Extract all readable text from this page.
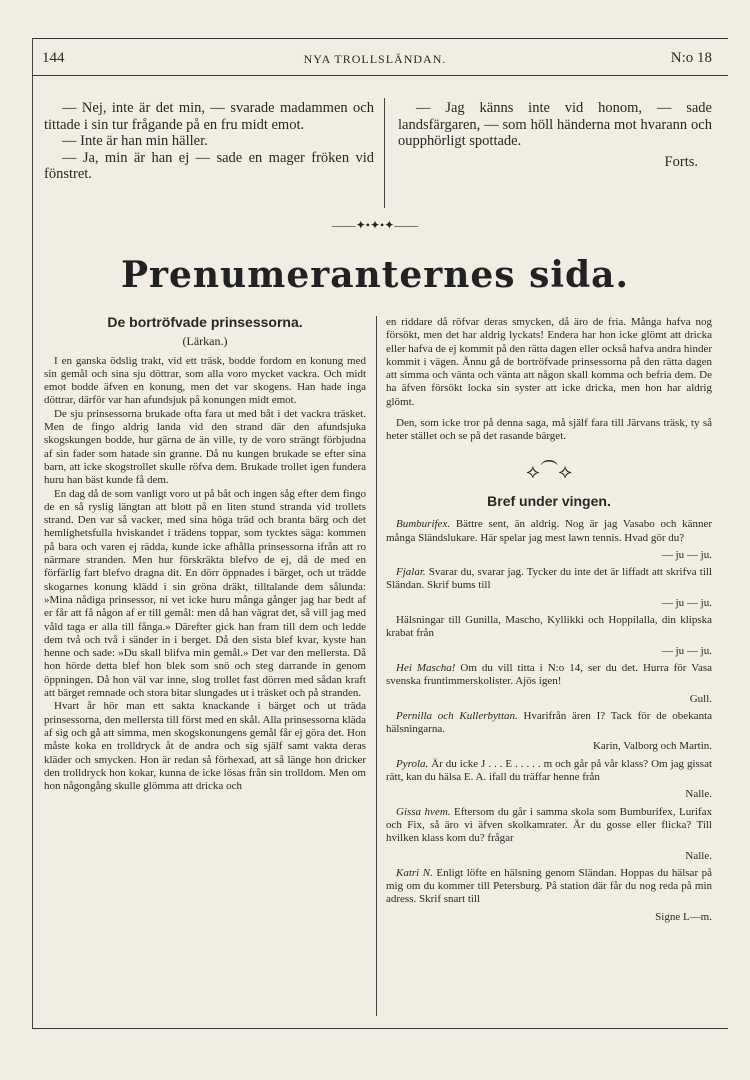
144	NYA TROLLSLÄNDAN.	N:o 18

— Nej, inte är det min, — svarade madammen och tittade i sin tur frågande på en fru midt emot.

— Inte är han min häller.

— Ja, min är han ej — sade en mager fröken vid fönstret.

— Jag känns inte vid honom, — sade landsfärgaren, — som höll händerna mot hvarann och oupphörligt spottade.

Forts.

——✦•✦•✦——
Prenumeranternes sida.
De bortröfvade prinsessorna.
(Lärkan.)

I en ganska ödslig trakt, vid ett träsk, bodde fordom en konung med sin gemål och sina sju döttrar, som alla voro mycket vackra. Och midt emot bodde äfven en konung, men det var skogens. Han hade inga döttrar, därför var han afundsjuk på konungen midt emot.

De sju prinsessorna brukade ofta fara ut med båt i det vackra träsket. Men de fingo aldrig landa vid den strand där den afundsjuka skogskungen bodde, hur gärna de än ville, ty de voro strängt förbjudna af sin fader som hatade sin granne. Då nu kungen brukade se efter sina barn, att icke skogstrollet skulle röfva dem. Brukade trollet igen fundera huru han bäst kunde få dem.

En dag då de som vanligt voro ut på båt och ingen såg efter dem fingo de en så ryslig längtan att blott på en liten stund stranda vid trollets strand. Den var så vacker, med sina höga träd och branta bärg och det hemlighetsfulla hviskandet i trädens toppar, som tycktes säga: kommen på bara och varen ej rädda, kunde icke afhålla prinsessorna ifrån att ro närmare stranden. Men hur förskräkta blefvo de ej, då de med en förfärlig fart blefvo dragna dit. En dörr öppnades i bärget, och ut trädde skogarnes konung klädd i sin gröna dräkt, tilltalande dem sålunda: »Mina nådiga prinsessor, ni vet icke huru många gånger jag har bedt af er får att få någon af er till gemål: men då han vägrat det, så vill jag med våld taga er alla till fånga.» Därefter gick han fram till dem och ledde dem två och två i sänder in i berget. Då den sista blef kvar, kyste han henne och sade: »Du skall blifva min gemål.» Det var den mellersta. Då hon hörde detta blef hon blek som snö och steg darrande in genom öppningen. Då hon väl var inne, slog trollet fast dörren med sådan kraft att bärget remnade och stora bitar slungades ut i träsket och på stranden.

Hvart år hör man ett sakta knackande i bärget och ut träda prinsessorna, den mellersta till först med en skål. Alla prinsessorna kläda af sig och gå att simma, men skogskonungens gemål får ej göra det. Hon måste koka en trolldryck åt de andra och sig själf samt vakta deras kläder och smycken. Hon är redan så förhexad, att så länge hon dricker den trolldryck hon kokar, kunna de icke lösas från sin trolldom. Men om hon någongång skulle glömma att dricka och

en riddare då röfvar deras smycken, då äro de fria. Många hafva nog försökt, men det har aldrig lyckats! Endera har hon icke glömt att dricka eller hafva de ej kommit på den rätta dagen eller också hafva andra hinder kommit i vägen. Ännu gå de bortröfvade prinsessorna på den rätta dagen att simma och vänta och vänta att någon skall komma och befria dem. De ha äfven försökt locka sin syster att icke dricka, men hon har aldrig glömt.

Den, som icke tror på denna saga, må själf fara till Järvans träsk, ty så heter stället och se på det rasande bärget.

⟡⁀⟡
Bref under vingen.

Bumburifex. Bättre sent, än aldrig. Nog är jag Vasabo och känner många Sländslukare. Här spelar jag mest lawn tennis. Hvad gör du?

— ju — ju.

Fjalar. Svarar du, svarar jag. Tycker du inte det är liffadt att skrifva till Sländan. Skrif bums till

— ju — ju.

Hälsningar till Gunilla, Mascho, Kyllikki och Hoppilalla, din klipska krabat från

— ju — ju.

Hei Mascha! Om du vill titta i N:o 14, ser du det. Hurra för Vasa svenska fruntimmerskolister. Ajös igen!

Gull.

Pernilla och Kullerbyttan. Hvarifrån ären I? Tack för de obekanta hälsningarna.

Karin, Valborg och Martin.

Pyrola. Är du icke J . . . E . . . . . m och går på vår klass? Om jag gissat rätt, kan du hälsa E. A. ifall du träffar henne från

Nalle.

Gissa hvem. Eftersom du går i samma skola som Bumburifex, Lurifax och Fix, så äro vi äfven skolkamrater. Är du gosse eller flicka? Till hvilken klass kom du? frågar

Nalle.

Katri N. Enligt löfte en hälsning genom Sländan. Hoppas du hälsar på mig om du kommer till Petersburg. På station där får du nog reda på min adress. Skrif snart till

Signe L—m.
